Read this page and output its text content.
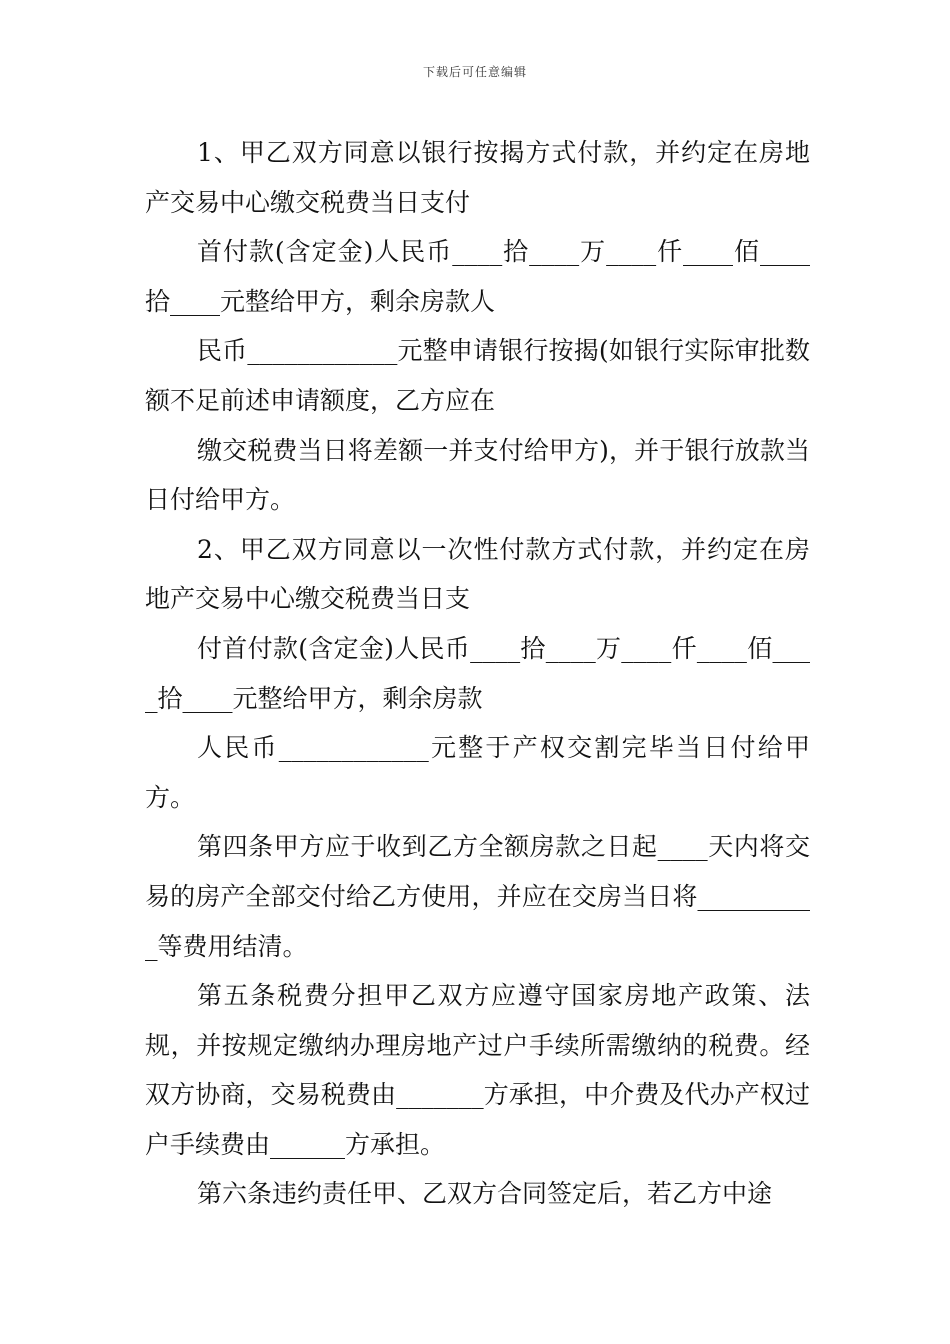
下载后可任意编辑

1、甲乙双方同意以银行按揭方式付款，并约定在房地产交易中心缴交税费当日支付

首付款(含定金)人民币____拾____万____仟____佰____拾____元整给甲方，剩余房款人

民币____________元整申请银行按揭(如银行实际审批数额不足前述申请额度，乙方应在

缴交税费当日将差额一并支付给甲方)，并于银行放款当日付给甲方。

2、甲乙双方同意以一次性付款方式付款，并约定在房地产交易中心缴交税费当日支

付首付款(含定金)人民币____拾____万____仟____佰____拾____元整给甲方，剩余房款

人民币____________元整于产权交割完毕当日付给甲方。

第四条甲方应于收到乙方全额房款之日起____天内将交易的房产全部交付给乙方使用，并应在交房当日将__________等费用结清。

第五条税费分担甲乙双方应遵守国家房地产政策、法规，并按规定缴纳办理房地产过户手续所需缴纳的税费。经双方协商，交易税费由_______方承担，中介费及代办产权过户手续费由______方承担。

第六条违约责任甲、乙双方合同签定后，若乙方中途
